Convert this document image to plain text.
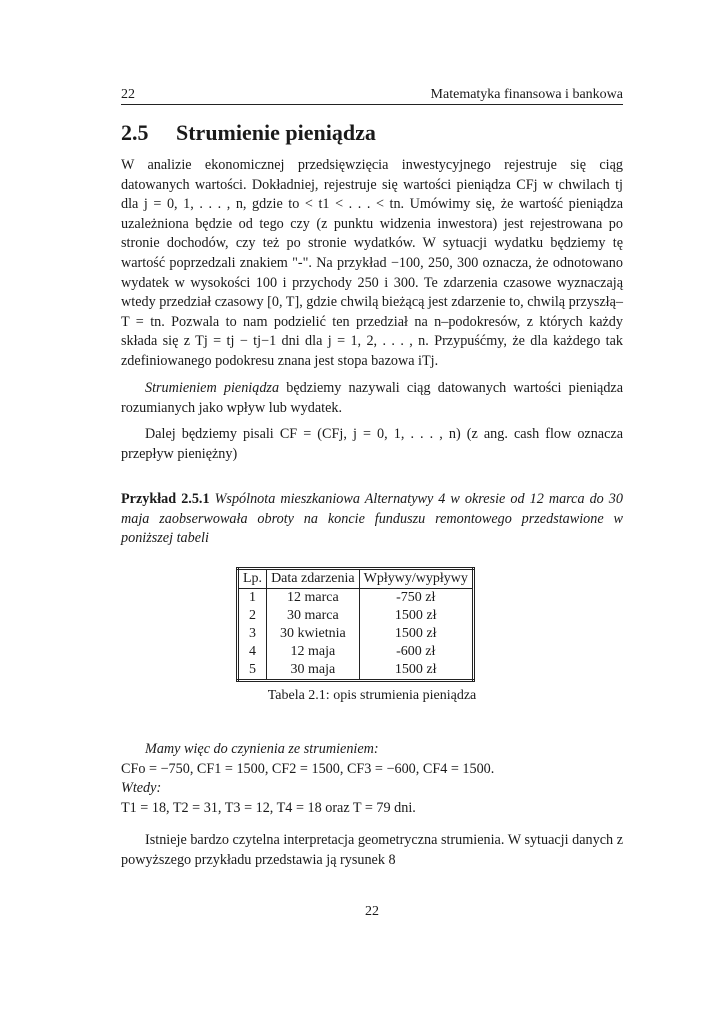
22	Matematyka finansowa i bankowa
2.5 Strumienie pieniądza
W analizie ekonomicznej przedsięwzięcia inwestycyjnego rejestruje się ciąg datowanych wartości. Dokładniej, rejestruje się wartości pieniądza CFj w chwilach tj dla j = 0, 1, . . . , n, gdzie to < t1 < . . . < tn. Umówimy się, że wartość pieniądza uzależniona będzie od tego czy (z punktu widzenia inwestora) jest rejestrowana po stronie dochodów, czy też po stronie wydatków. W sytuacji wydatku będziemy tę wartość poprzedzali znakiem "-". Na przykład −100, 250, 300 oznacza, że odnotowano wydatek w wysokości 100 i przychody 250 i 300. Te zdarzenia czasowe wyznaczają wtedy przedział czasowy [0, T], gdzie chwilą bieżącą jest zdarzenie to, chwilą przyszłą–T = tn. Pozwala to nam podzielić ten przedział na n–podokresów, z których każdy składa się z Tj = tj − tj−1 dni dla j = 1, 2, . . . , n. Przypuśćmy, że dla każdego tak zdefiniowanego podokresu znana jest stopa bazowa iTj.
Strumieniem pieniądza będziemy nazywali ciąg datowanych wartości pieniądza rozumianych jako wpływ lub wydatek.
Dalej będziemy pisali CF = (CFj, j = 0, 1, . . . , n) (z ang. cash flow oznacza przepływ pieniężny)
Przykład 2.5.1 Wspólnota mieszkaniowa Alternatywy 4 w okresie od 12 marca do 30 maja zaobserwowała obroty na koncie funduszu remontowego przedstawione w poniższej tabeli
Lp.	Data zdarzenia	Wpływy/wypływy
1	12 marca	-750 zł
2	30 marca	1500 zł
3	30 kwietnia	1500 zł
4	12 maja	-600 zł
5	30 maja	1500 zł
Tabela 2.1: opis strumienia pieniądza
Mamy więc do czynienia ze strumieniem:
CFo = −750, CF1 = 1500, CF2 = 1500, CF3 = −600, CF4 = 1500.
Wtedy:
T1 = 18, T2 = 31, T3 = 12, T4 = 18 oraz T = 79 dni.
Istnieje bardzo czytelna interpretacja geometryczna strumienia. W sytuacji danych z powyższego przykładu przedstawia ją rysunek 8
22
